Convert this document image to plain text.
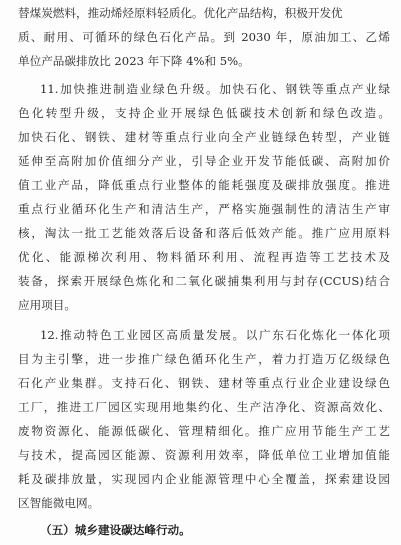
替煤炭燃料，推动烯烃原料轻质化。优化产品结构，积极开发优
质、耐用、可循环的绿色石化产品。到 2030 年，原油加工、乙烯
单位产品碳排放比 2023 年下降 4%和 5%。
11.加快推进制造业绿色升级。加快石化、钢铁等重点产业绿
色化转型升级，支持企业开展绿色低碳技术创新和绿色改造。
加快石化、钢铁、建材等重点行业向全产业链绿色转型，产业链
延伸至高附加价值细分产业，引导企业开发节能低碳、高附加价
值工业产品，降低重点行业整体的能耗强度及碳排放强度。推进
重点行业循环化生产和清洁生产，严格实施强制性的清洁生产审
核，淘汰一批工艺能效落后设备和落后低效产能。推广应用原料
优化、能源梯次利用、物料循环利用、流程再造等工艺技术及
装备，探索开展绿色炼化和二氧化碳捕集利用与封存(CCUS)结合
应用项目。
12.推动特色工业园区高质量发展。以广东石化炼化一体化项
目为主引擎，进一步推广绿色循环化生产，着力打造万亿级绿色
石化产业集群。支持石化、钢铁、建材等重点行业企业建设绿色
工厂，推进工厂园区实现用地集约化、生产洁净化、资源高效化、
废物资源化、能源低碳化、管理精细化。推广应用节能生产工艺
与技术，提高园区能源、资源利用效率，降低单位工业增加值能
耗及碳排放量，实现园内企业能源管理中心全覆盖，探索建设园
区智能微电网。
（五）城乡建设碳达峰行动。
